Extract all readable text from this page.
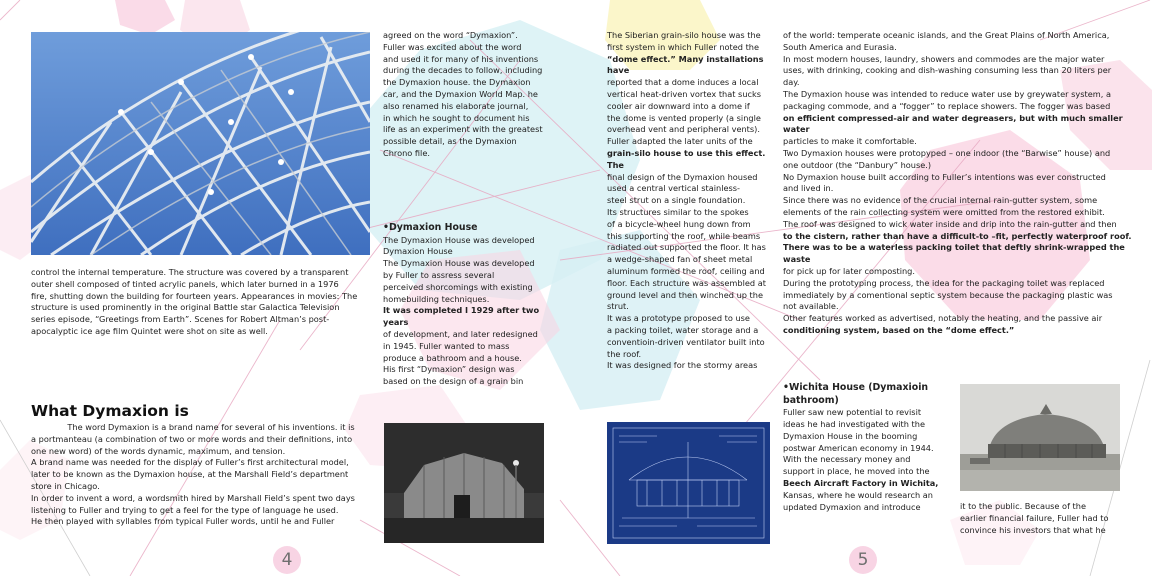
control the internal temperature. The structure was covered by a transparent

outer shell composed of tinted acrylic panels, which later burned in a 1976

fire, shutting down the building for fourteen years. Appearances in movies: The

structure is used prominently in the original Battle star Galactica Television

series episode, “Greetings from Earth”. Scenes for Robert Altman’s post-

apocalyptic ice age film Quintet were shot on site as well.

What Dymaxion is

The word Dymaxion is a brand name for several of his inventions. it is

a portmanteau (a combination of two or more words and their definitions, into

one new word) of the words dynamic, maximum, and tension.

A brand name was needed for the display of Fuller’s first architectural model,

later to be known as the Dymaxion house, at the Marshall Field’s department

store in Chicago.

In order to invent a word, a wordsmith hired by Marshall Field’s spent two days

listening to Fuller and trying to get a feel for the type of language he used.

He then played with syllables from typical Fuller words, until he and Fuller

agreed on the word “Dymaxion”.

Fuller was excited about the word

and used it for many of his inventions

during the decades to follow, including

the Dymaxion house. the Dymaxion

car, and the Dymaxion World Map. he

also renamed his elaborate journal,

in which he sought to document his

life as an experiment with the greatest

possible detail, as the Dymaxion

Chrono file.

•Dymaxion House

The Dymaxion House was developed

Dymaxion House

The Dymaxion House was developed

by Fuller to assress several

perceived shorcomings with existing

homebuilding techniques.

It was completed I 1929 after two years

of development, and later redesigned

in 1945. Fuller wanted to mass

produce a bathroom and a house.

His first “Dymaxion” design was

based on the design of a grain bin

4

The Siberian grain-silo house was the

first system in which Fuller noted the

“dome effect.” Many installations have

reported that a dome induces a local

vertical heat-driven vortex that sucks

cooler air downward into a dome if

the dome is vented properly (a single

overhead vent and peripheral vents).

Fuller adapted the later units of the

grain-silo house to use this effect. The

final design of the Dymaxion housed

used a central vertical stainless-

steel strut on a single foundation.

Its structures similar to the spokes

of a bicycle-wheel hung down from

this supporting the roof, while beams

radiated out supported the floor. It has

a wedge-shaped fan of sheet metal

aluminum formed the roof, ceiling and

floor. Each structure was assembled at

ground level and then winched up the

strut.

It was a prototype proposed to use

a packing toilet, water storage and a

conventioin-driven ventilator built into

the roof.

It was designed for the stormy areas

of the world: temperate oceanic islands, and the Great Plains of North America,

South America and Eurasia.

In most modern houses, laundry, showers and commodes are the major water

uses, with drinking, cooking and dish-washing consuming less than 20 liters per

day.

The Dymaxion house was intended to reduce water use by greywater system, a

packaging commode, and a “fogger” to replace showers. The fogger was based

on efficient compressed-air and water degreasers, but with much smaller water

particles to make it comfortable.

Two Dymaxion houses were protopyped – one indoor (the “Barwise” house) and

one outdoor (the “Danbury” house.)

No Dymaxion house built according to Fuller’s intentions was ever constructed

and lived in.

Since there was no evidence of the crucial internal rain-gutter system, some

elements of the rain collecting system were omitted from the restored exhibit.

The roof was designed to wick water inside and drip into the rain-gutter and then

to the cistern, rather than have a difficult-to –fit, perfectly waterproof roof.

There was to be a waterless packing toilet that deftly shrink-wrapped the waste

for pick up for later composting.

During the prototyping process, the idea for the packaging toilet was replaced

immediately by a comentional septic system because the packaging plastic was

not available.

Other features worked as advertised, notably the heating, and the passive air

conditioning system, based on the “dome effect.”

•Wichita House (Dymaxioin

bathroom)

Fuller saw new potential to revisit

ideas he had investigated with the

Dymaxion House in the booming

postwar American economy in 1944.

With the necessary money and

support in place, he moved into the

Beech Aircraft Factory in Wichita,

Kansas, where he would research an

updated Dymaxion and introduce	it to the public. Because of the

earlier financial failure, Fuller had to

convince his investors that what he

5
